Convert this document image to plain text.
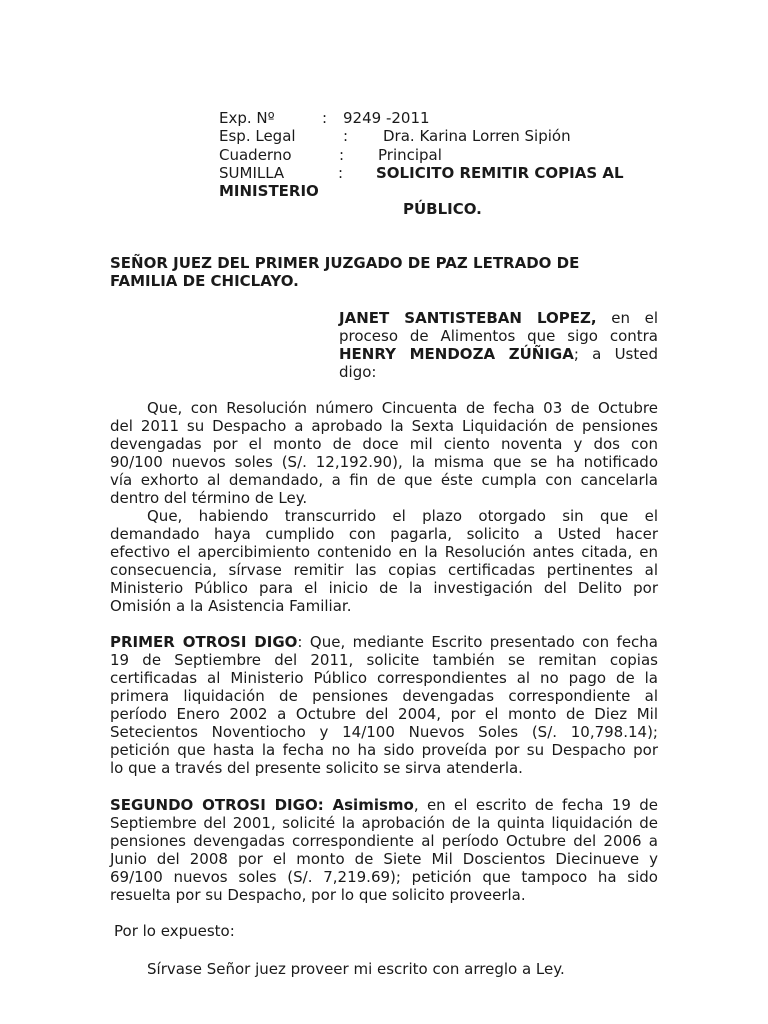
Exp. Nº	: 9249 -2011
Esp. Legal	: Dra. Karina Lorren Sipión
Cuaderno	: Principal
SUMILLA	: SOLICITO REMITIR COPIAS AL
MINISTERIO
PÚBLICO.
SEÑOR JUEZ DEL PRIMER JUZGADO DE PAZ LETRADO DE
FAMILIA DE CHICLAYO.
JANET SANTISTEBAN LOPEZ, en el
proceso de Alimentos que sigo contra
HENRY MENDOZA ZÚÑIGA; a Usted
digo:
Que, con Resolución número Cincuenta de fecha 03 de Octubre
del 2011 su Despacho a aprobado la Sexta Liquidación de pensiones
devengadas por el monto de doce mil ciento noventa y dos con
90/100 nuevos soles (S/. 12,192.90), la misma que se ha notificado
vía exhorto al demandado, a fin de que éste cumpla con cancelarla
dentro del término de Ley.
Que, habiendo transcurrido el plazo otorgado sin que el
demandado haya cumplido con pagarla, solicito a Usted hacer
efectivo el apercibimiento contenido en la Resolución antes citada, en
consecuencia, sírvase remitir las copias certificadas pertinentes al
Ministerio Público para el inicio de la investigación del Delito por
Omisión a la Asistencia Familiar.
PRIMER OTROSI DIGO: Que, mediante Escrito presentado con fecha
19 de Septiembre del 2011, solicite también se remitan copias
certificadas al Ministerio Público correspondientes al no pago de la
primera liquidación de pensiones devengadas correspondiente al
período Enero 2002 a Octubre del 2004, por el monto de Diez Mil
Setecientos Noventiocho y 14/100 Nuevos Soles (S/. 10,798.14);
petición que hasta la fecha no ha sido proveída por su Despacho por
lo que a través del presente solicito se sirva atenderla.
SEGUNDO OTROSI DIGO: Asimismo, en el escrito de fecha 19 de
Septiembre del 2001, solicité la aprobación de la quinta liquidación de
pensiones devengadas correspondiente al período Octubre del 2006 a
Junio del 2008 por el monto de Siete Mil Doscientos Diecinueve y
69/100 nuevos soles (S/. 7,219.69); petición que tampoco ha sido
resuelta por su Despacho, por lo que solicito proveerla.
Por lo expuesto:
Sírvase Señor juez proveer mi escrito con arreglo a Ley.
